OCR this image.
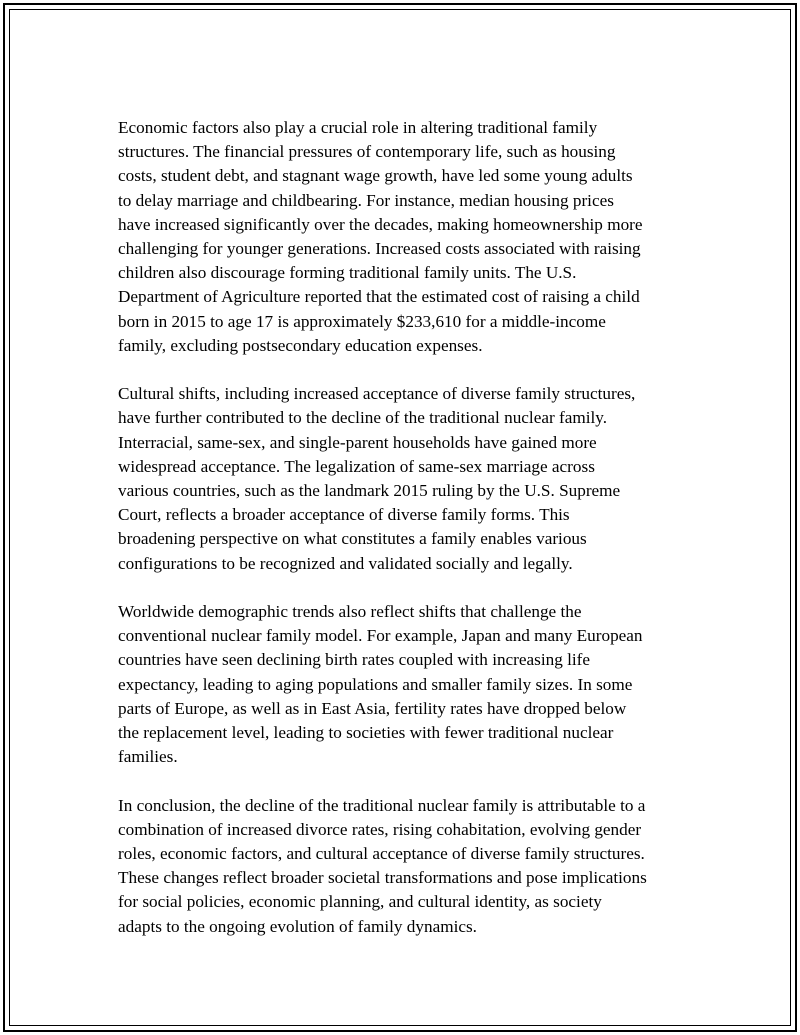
Economic factors also play a crucial role in altering traditional family
structures. The financial pressures of contemporary life, such as housing
costs, student debt, and stagnant wage growth, have led some young adults
to delay marriage and childbearing. For instance, median housing prices
have increased significantly over the decades, making homeownership more
challenging for younger generations. Increased costs associated with raising
children also discourage forming traditional family units. The U.S.
Department of Agriculture reported that the estimated cost of raising a child
born in 2015 to age 17 is approximately $233,610 for a middle-income
family, excluding postsecondary education expenses.

Cultural shifts, including increased acceptance of diverse family structures,
have further contributed to the decline of the traditional nuclear family.
Interracial, same-sex, and single-parent households have gained more
widespread acceptance. The legalization of same-sex marriage across
various countries, such as the landmark 2015 ruling by the U.S. Supreme
Court, reflects a broader acceptance of diverse family forms. This
broadening perspective on what constitutes a family enables various
configurations to be recognized and validated socially and legally.

Worldwide demographic trends also reflect shifts that challenge the
conventional nuclear family model. For example, Japan and many European
countries have seen declining birth rates coupled with increasing life
expectancy, leading to aging populations and smaller family sizes. In some
parts of Europe, as well as in East Asia, fertility rates have dropped below
the replacement level, leading to societies with fewer traditional nuclear
families.

In conclusion, the decline of the traditional nuclear family is attributable to a
combination of increased divorce rates, rising cohabitation, evolving gender
roles, economic factors, and cultural acceptance of diverse family structures.
These changes reflect broader societal transformations and pose implications
for social policies, economic planning, and cultural identity, as society
adapts to the ongoing evolution of family dynamics.
